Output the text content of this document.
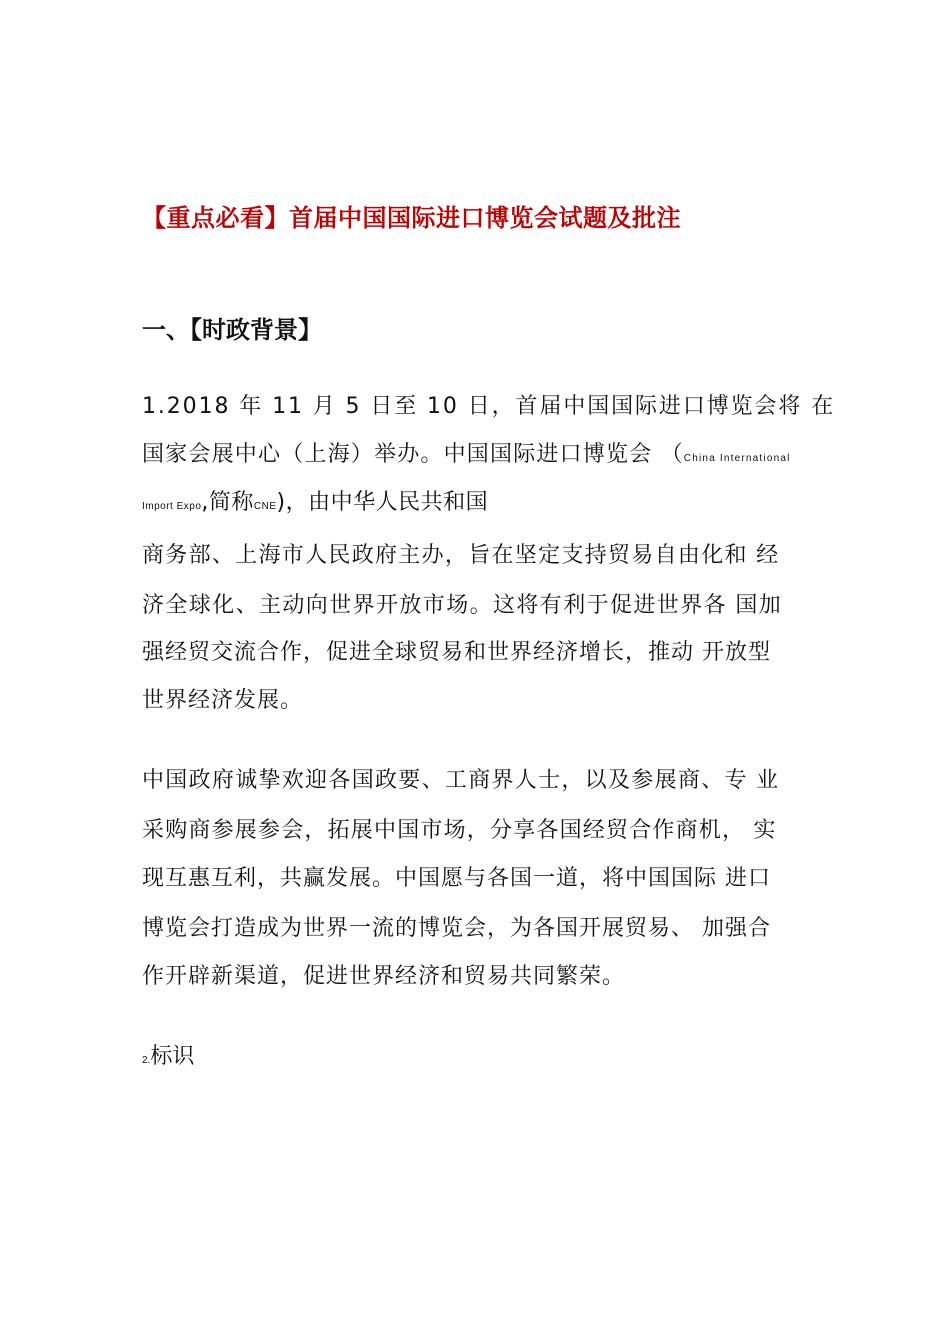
【重点必看】首届中国国际进口博览会试题及批注
一、【时政背景】
1.2018 年 11 月 5 日至 10 日，首届中国国际进口博览会将 在
国家会展中心（上海）举办。中国国际进口博览会 （China International
Import Expo,简称CNE)，由中华人民共和国
商务部、上海市人民政府主办，旨在坚定支持贸易自由化和 经
济全球化、主动向世界开放市场。这将有利于促进世界各 国加
强经贸交流合作，促进全球贸易和世界经济增长，推动 开放型
世界经济发展。
中国政府诚挚欢迎各国政要、工商界人士，以及参展商、专 业
采购商参展参会，拓展中国市场，分享各国经贸合作商机， 实
现互惠互利，共赢发展。中国愿与各国一道，将中国国际 进口
博览会打造成为世界一流的博览会，为各国开展贸易、 加强合
作开辟新渠道，促进世界经济和贸易共同繁荣。
2.标识
